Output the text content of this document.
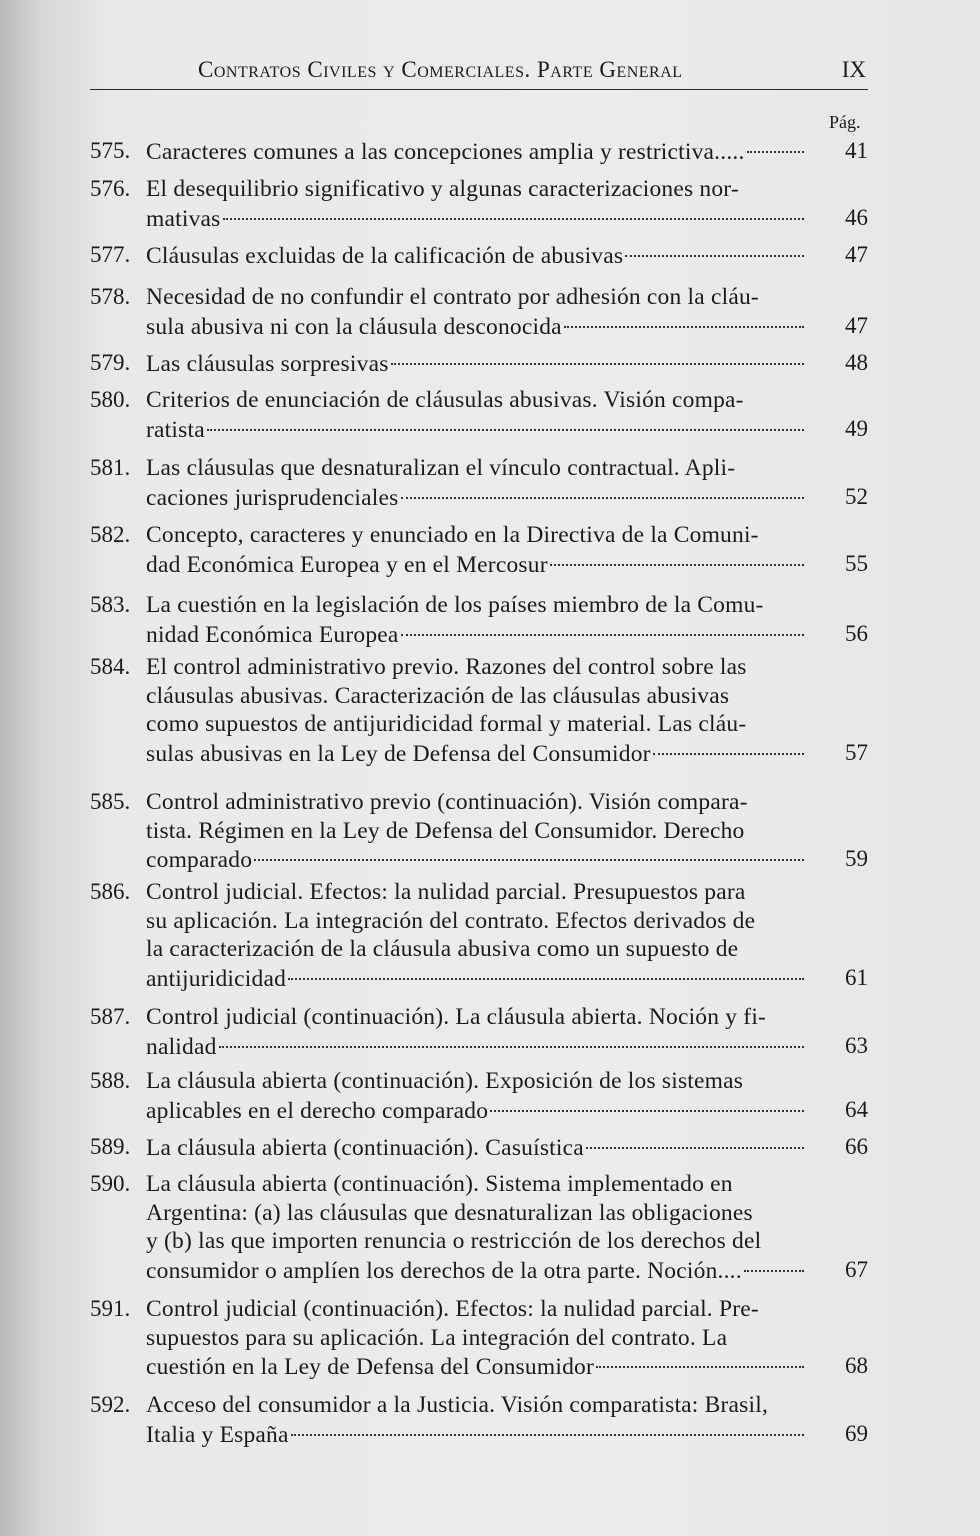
Contratos Civiles y Comerciales. Parte General	IX
Pág.
575. Caracteres comunes a las concepciones amplia y restrictiva.....	41
576. El desequilibrio significativo y algunas caracterizaciones nor-
mativas	46
577. Cláusulas excluidas de la calificación de abusivas	47
578. Necesidad de no confundir el contrato por adhesión con la cláu-
sula abusiva ni con la cláusula desconocida	47
579. Las cláusulas sorpresivas	48
580. Criterios de enunciación de cláusulas abusivas. Visión compa-
ratista	49
581. Las cláusulas que desnaturalizan el vínculo contractual. Apli-
caciones jurisprudenciales	52
582. Concepto, caracteres y enunciado en la Directiva de la Comuni-
dad Económica Europea y en el Mercosur	55
583. La cuestión en la legislación de los países miembro de la Comu-
nidad Económica Europea	56
584. El control administrativo previo. Razones del control sobre las
cláusulas abusivas. Caracterización de las cláusulas abusivas
como supuestos de antijuridicidad formal y material. Las cláu-
sulas abusivas en la Ley de Defensa del Consumidor	57
585. Control administrativo previo (continuación). Visión compara-
tista. Régimen en la Ley de Defensa del Consumidor. Derecho
comparado	59
586. Control judicial. Efectos: la nulidad parcial. Presupuestos para
su aplicación. La integración del contrato. Efectos derivados de
la caracterización de la cláusula abusiva como un supuesto de
antijuridicidad	61
587. Control judicial (continuación). La cláusula abierta. Noción y fi-
nalidad	63
588. La cláusula abierta (continuación). Exposición de los sistemas
aplicables en el derecho comparado	64
589. La cláusula abierta (continuación). Casuística	66
590. La cláusula abierta (continuación). Sistema implementado en
Argentina: (a) las cláusulas que desnaturalizan las obligaciones
y (b) las que importen renuncia o restricción de los derechos del
consumidor o amplíen los derechos de la otra parte. Noción....	67
591. Control judicial (continuación). Efectos: la nulidad parcial. Pre-
supuestos para su aplicación. La integración del contrato. La
cuestión en la Ley de Defensa del Consumidor	68
592. Acceso del consumidor a la Justicia. Visión comparatista: Brasil,
Italia y España	69
